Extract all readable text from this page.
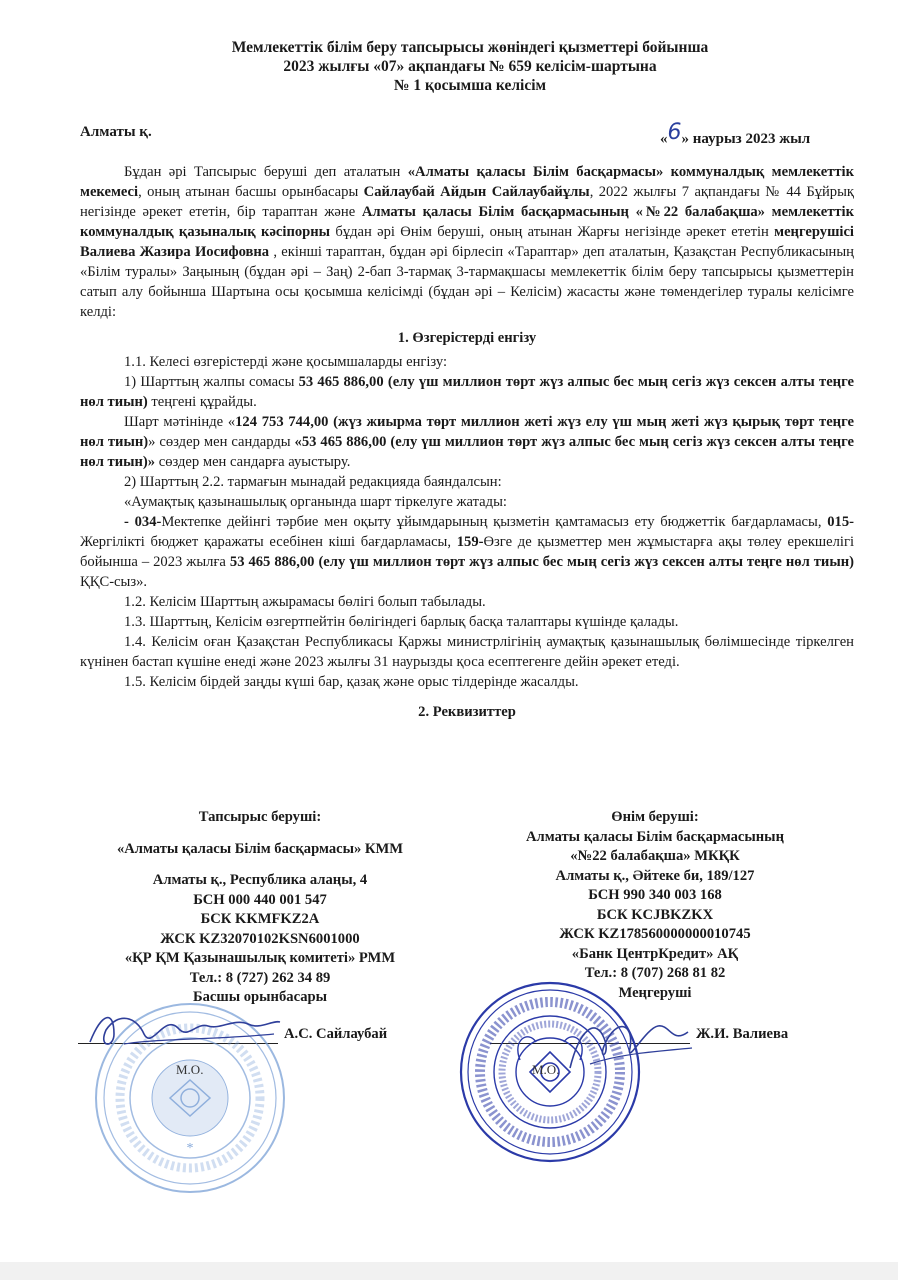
Мемлекеттік білім беру тапсырысы жөніндегі қызметтері бойынша
2023 жылғы «07» ақпандағы № 659 келісім-шартына
№ 1 қосымша келісім
Алматы қ.	«6» наурыз 2023 жыл

Бұдан әрі Тапсырыс беруші деп аталатын «Алматы қаласы Білім басқармасы» коммуналдық мемлекеттік мекемесі, оның атынан басшы орынбасары Сайлаубай Айдын Сайлаубайұлы, 2022 жылғы 7 ақпандағы № 44 Бұйрық негізінде әрекет ететін, бір тараптан және Алматы қаласы Білім басқармасының «№22 балабақша» мемлекеттік коммуналдық қазыналық кәсіпорны бұдан әрі Өнім беруші, оның атынан Жарғы негізінде әрекет ететін меңгерушісі Валиева Жазира Иосифовна , екінші тараптан, бұдан әрі бірлесіп «Тараптар» деп аталатын, Қазақстан Республикасының «Білім туралы» Заңының (бұдан әрі – Заң) 2-бап 3-тармақ 3-тармақшасы мемлекеттік білім беру тапсырысы қызметтерін сатып алу бойынша Шартына осы қосымша келісімді (бұдан әрі – Келісім) жасасты және төмендегілер туралы келісімге келді:

1. Өзгерістерді енгізу

1.1. Келесі өзгерістерді және қосымшаларды енгізу:

1) Шарттың жалпы сомасы 53 465 886,00 (елу үш миллион төрт жүз алпыс бес мың сегіз жүз сексен алты теңге нөл тиын) теңгені құрайды.

Шарт мәтінінде «124 753 744,00 (жүз жиырма төрт миллион жеті жүз елу үш мың жеті жүз қырық төрт теңге нөл тиын)» сөздер мен сандарды «53 465 886,00 (елу үш миллион төрт жүз алпыс бес мың сегіз жүз сексен алты теңге нөл тиын)» сөздер мен сандарға ауыстыру.

2) Шарттың 2.2. тармағын мынадай редакцияда баяндалсын:

«Аумақтық қазынашылық органында шарт тіркелуге жатады:

- 034-Мектепке дейінгі тәрбие мен оқыту ұйымдарының қызметін қамтамасыз ету бюджеттік бағдарламасы, 015-Жергілікті бюджет қаражаты есебінен кіші бағдарламасы, 159-Өзге де қызметтер мен жұмыстарға ақы төлеу ерекшелігі бойынша – 2023 жылға 53 465 886,00 (елу үш миллион төрт жүз алпыс бес мың сегіз жүз сексен алты теңге нөл тиын) ҚҚС-сыз».

1.2. Келісім Шарттың ажырамасы бөлігі болып табылады.

1.3. Шарттың, Келісім өзгертпейтін бөлігіндегі барлық басқа талаптары күшінде қалады.

1.4. Келісім оған Қазақстан Республикасы Қаржы министрлігінің аумақтық қазынашылық бөлімшесінде тіркелген күнінен бастап күшіне енеді және 2023 жылғы 31 наурызды қоса есептегенге дейін әрекет етеді.

1.5. Келісім бірдей заңды күші бар, қазақ және орыс тілдерінде жасалды.

2. Реквизиттер
Тапсырыс беруші:
«Алматы қаласы Білім басқармасы» КММ
Алматы қ., Республика алаңы, 4
БСН 000 440 001 547
БСК KKMFKZ2A
ЖСК KZ32070102KSN6001000
«ҚР ҚМ Қазынашылық комитеті» РММ
Тел.: 8 (727) 262 34 89
Басшы орынбасары
Өнім беруші:
Алматы қаласы Білім басқармасының
«№22 балабақша» МКҚК
Алматы қ., Әйтеке би, 189/127
БСН 990 340 003 168
БСК KCJBKZKX
ЖСК KZ178560000000010745
«Банк ЦентрКредит» АҚ
Тел.: 8 (707) 268 81 82
Меңгеруші
А.С. Сайлаубай	Ж.И. Валиева
*
М.О.	М.О.
